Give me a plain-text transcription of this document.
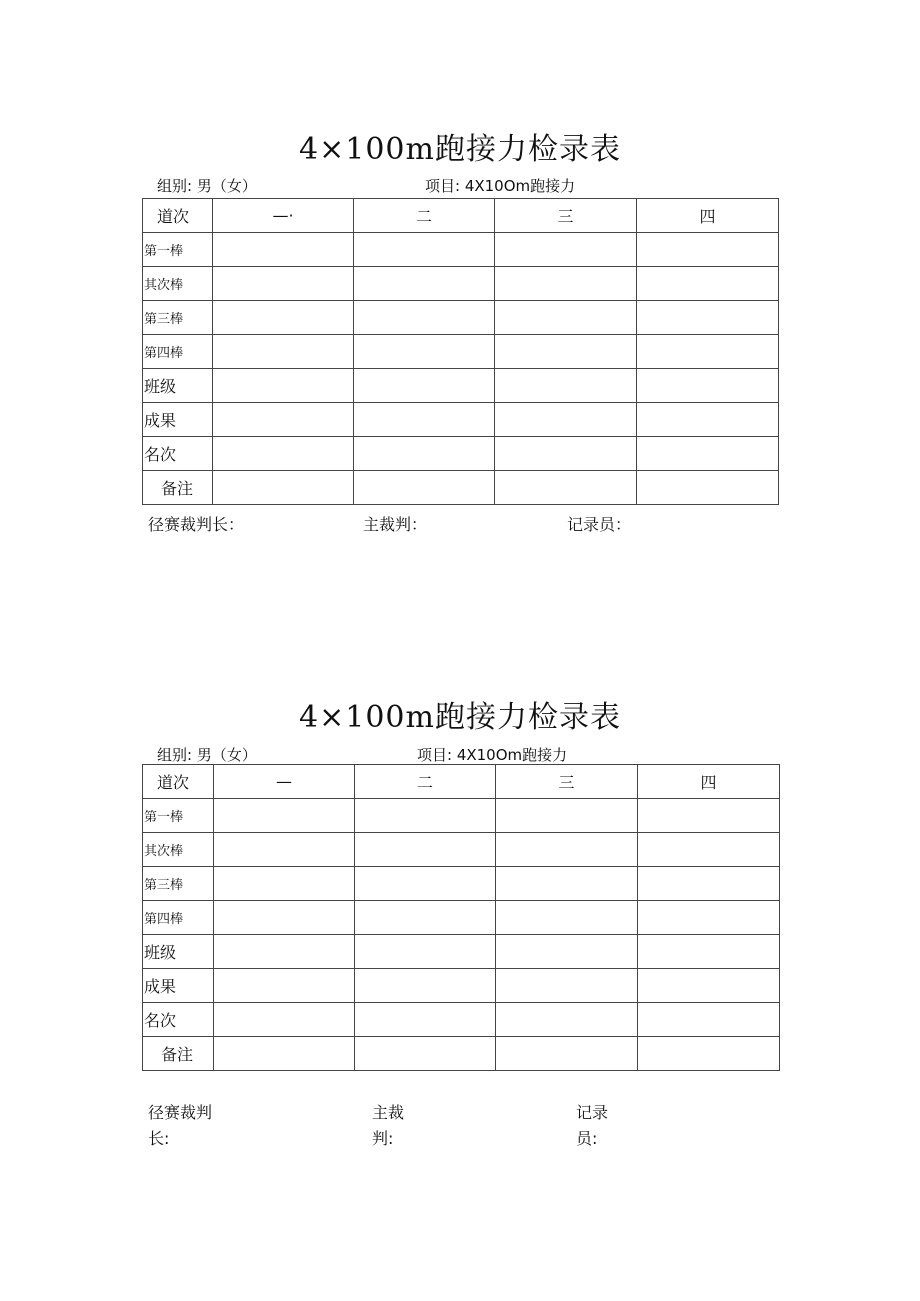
4×100m跑接力检录表
组别: 男（女）	项目: 4X10Om跑接力
道次	—·	二	三	四
第一棒				
其次棒				
第三棒				
第四棒				
班级				
成果				
名次				
备注				
径赛裁判长：	主裁判：	记录员：
4×100m跑接力检录表
组别: 男（女）	项目: 4X10Om跑接力
道次	—	二	三	四
第一棒				
其次棒				
第三棒				
第四棒				
班级				
成果				
名次				
备注				
径赛裁判
长:
主裁
判:
记录
员:
